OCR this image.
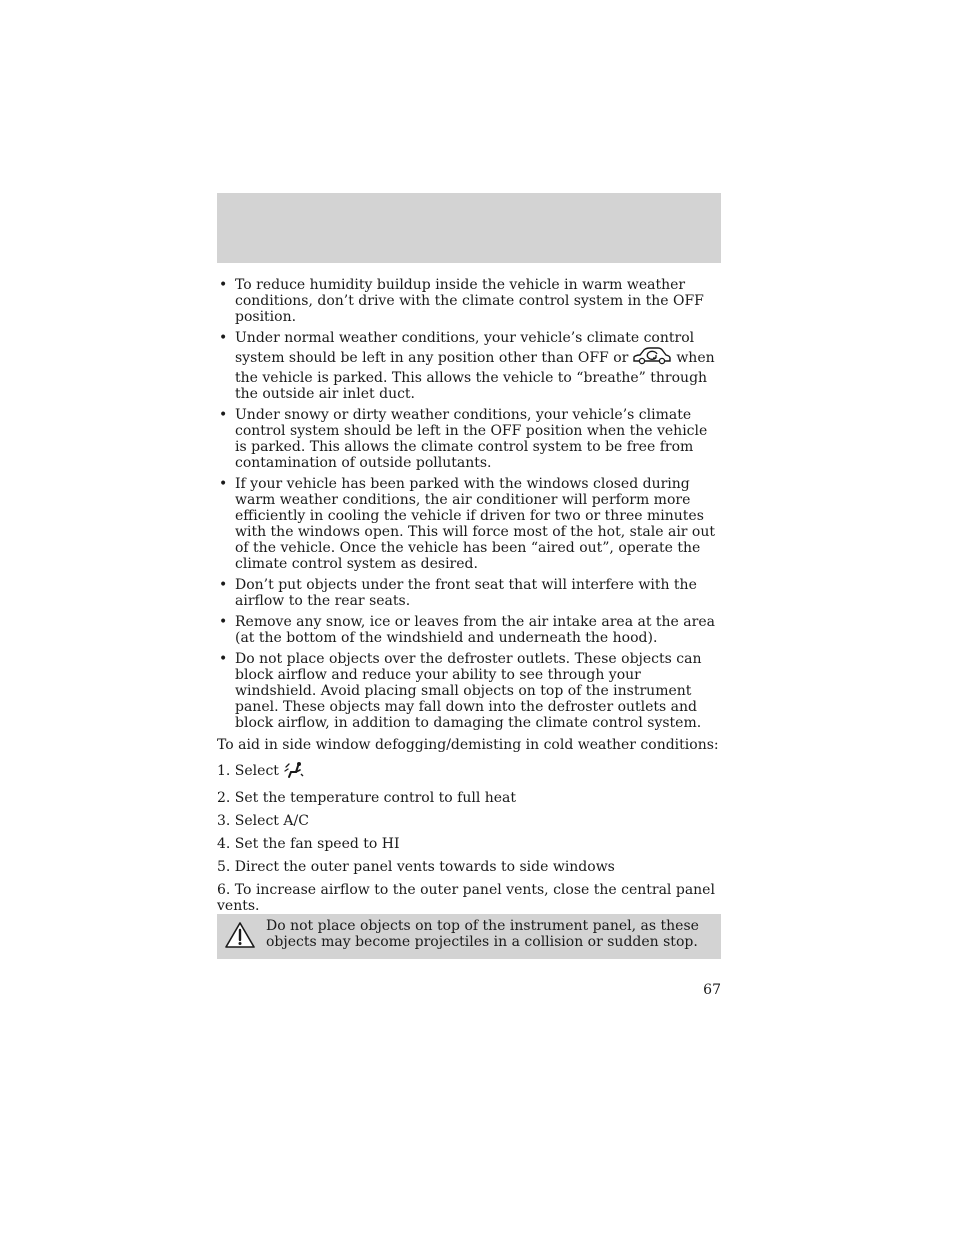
• To reduce humidity buildup inside the vehicle in warm weather conditions, don’t drive with the climate control system in the OFF position.
• Under normal weather conditions, your vehicle’s climate control system should be left in any position other than OFF or	when the vehicle is parked. This allows the vehicle to “breathe” through the outside air inlet duct.
• Under snowy or dirty weather conditions, your vehicle’s climate control system should be left in the OFF position when the vehicle is parked. This allows the climate control system to be free from contamination of outside pollutants.
• If your vehicle has been parked with the windows closed during warm weather conditions, the air conditioner will perform more efficiently in cooling the vehicle if driven for two or three minutes with the windows open. This will force most of the hot, stale air out of the vehicle. Once the vehicle has been “aired out”, operate the climate control system as desired.
• Don’t put objects under the front seat that will interfere with the airflow to the rear seats.
• Remove any snow, ice or leaves from the air intake area at the area (at the bottom of the windshield and underneath the hood).
• Do not place objects over the defroster outlets. These objects can block airflow and reduce your ability to see through your windshield. Avoid placing small objects on top of the instrument panel. These objects may fall down into the defroster outlets and block airflow, in addition to damaging the climate control system.

To aid in side window defogging/demisting in cold weather conditions:

1. Select
2. Set the temperature control to full heat
3. Select A/C
4. Set the fan speed to HI
5. Direct the outer panel vents towards to side windows
6. To increase airflow to the outer panel vents, close the central panel vents.
Do not place objects on top of the instrument panel, as these objects may become projectiles in a collision or sudden stop.
67
